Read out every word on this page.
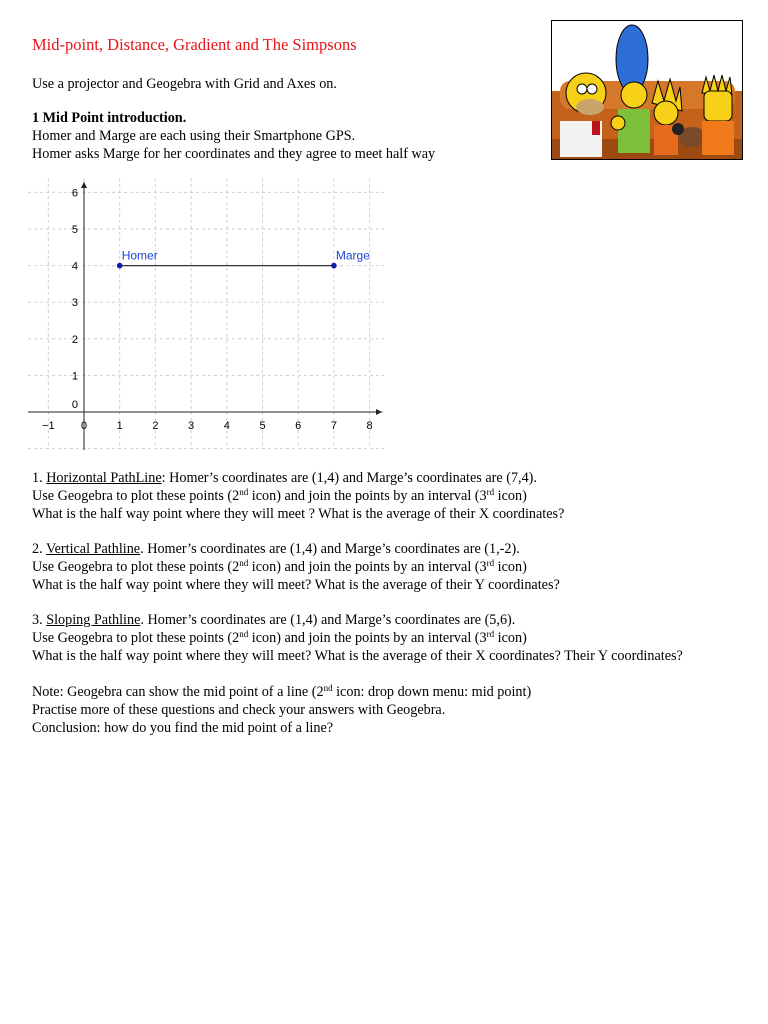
Mid-point, Distance, Gradient and The Simpsons

Use a projector and Geogebra with Grid and Axes on.

1 Mid Point introduction.

Homer and Marge are each using their Smartphone GPS.

Homer asks Marge for her coordinates and they agree to meet half way

−1 0	1	2	3	4	5	6	7	8
0
1
2
3
4
5
6
Homer	Marge

1. Horizontal PathLine: Homer’s coordinates are (1,4) and Marge’s coordinates are (7,4).

Use Geogebra to plot these points (2nd icon) and join the points by an interval (3rd icon)

What is the half way point where they will meet ? What is the average of their X coordinates?

2. Vertical Pathline. Homer’s coordinates are (1,4) and Marge’s coordinates are (1,-2).

Use Geogebra to plot these points (2nd icon) and join the points by an interval (3rd icon)

What is the half way point where they will meet? What is the average of their Y coordinates?

3. Sloping Pathline. Homer’s coordinates are (1,4) and Marge’s coordinates are (5,6).

Use Geogebra to plot these points (2nd icon) and join the points by an interval (3rd icon)

What is the half way point where they will meet? What is the average of their X coordinates? Their Y coordinates?

Note: Geogebra can show the mid point of a line (2nd icon: drop down menu: mid point)

Practise more of these questions and check your answers with Geogebra.

Conclusion: how do you find the mid point of a line?
